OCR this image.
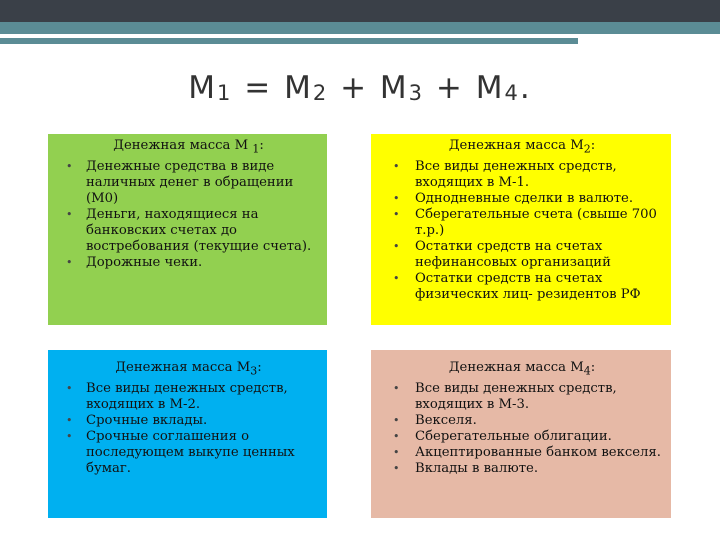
M1 = M2 + M3 + M4.
Денежная масса М $_1$:
• Денежные средства в виде наличных денег в обращении (М0)
• Деньги, находящиеся на банковских счетах до востребования (текущие счета).
• Дорожные чеки.
Денежная масса $М_2$:
• Все виды денежных средств, входящих в М-1.
• Однодневные сделки в валюте.
• Сберегательные счета (свыше 700 т.р.)
• Остатки средств на счетах нефинансовых организаций
• Остатки средств на счетах физических лиц- резидентов РФ
Денежная масса $М_3$:
• Все виды денежных средств, входящих в М-2.
• Срочные вклады.
• Срочные соглашения о последующем выкупе ценных бумаг.
Денежная масса $М_4$:
• Все виды денежных средств, входящих в М-3.
• Векселя.
• Сберегательные облигации.
• Акцептированные банком векселя.
• Вклады в валюте.
